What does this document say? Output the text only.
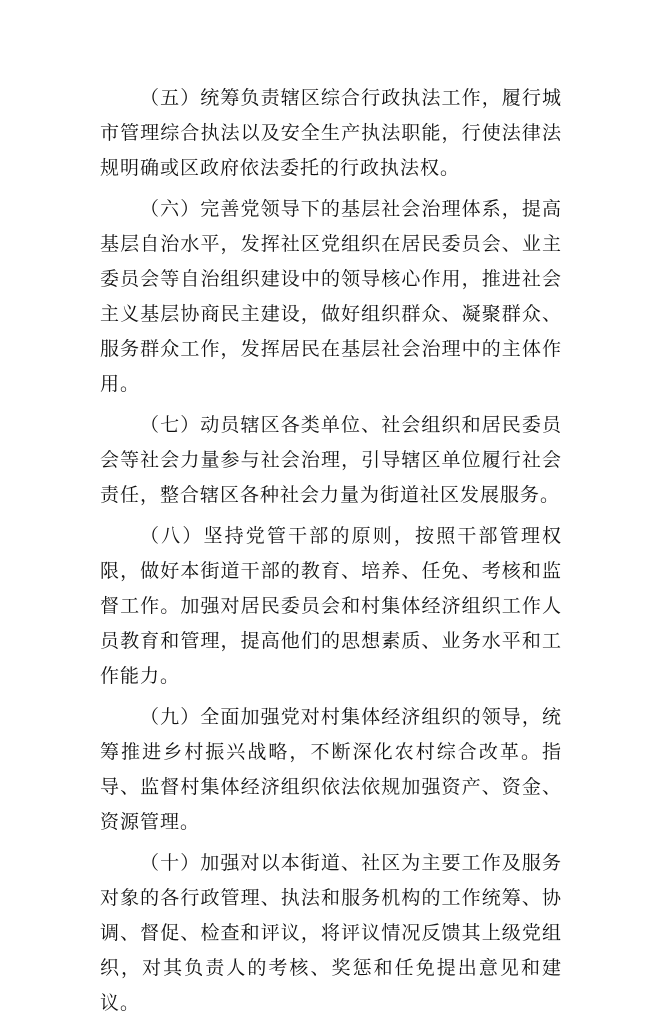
（五）统筹负责辖区综合行政执法工作，履行城市管理综合执法以及安全生产执法职能，行使法律法规明确或区政府依法委托的行政执法权。

（六）完善党领导下的基层社会治理体系，提高基层自治水平，发挥社区党组织在居民委员会、业主委员会等自治组织建设中的领导核心作用，推进社会主义基层协商民主建设，做好组织群众、凝聚群众、服务群众工作，发挥居民在基层社会治理中的主体作用。

（七）动员辖区各类单位、社会组织和居民委员会等社会力量参与社会治理，引导辖区单位履行社会责任，整合辖区各种社会力量为街道社区发展服务。

（八）坚持党管干部的原则，按照干部管理权限，做好本街道干部的教育、培养、任免、考核和监督工作。加强对居民委员会和村集体经济组织工作人员教育和管理，提高他们的思想素质、业务水平和工作能力。

（九）全面加强党对村集体经济组织的领导，统筹推进乡村振兴战略，不断深化农村综合改革。指导、监督村集体经济组织依法依规加强资产、资金、资源管理。

（十）加强对以本街道、社区为主要工作及服务对象的各行政管理、执法和服务机构的工作统筹、协调、督促、检查和评议，将评议情况反馈其上级党组织，对其负责人的考核、奖惩和任免提出意见和建议。
